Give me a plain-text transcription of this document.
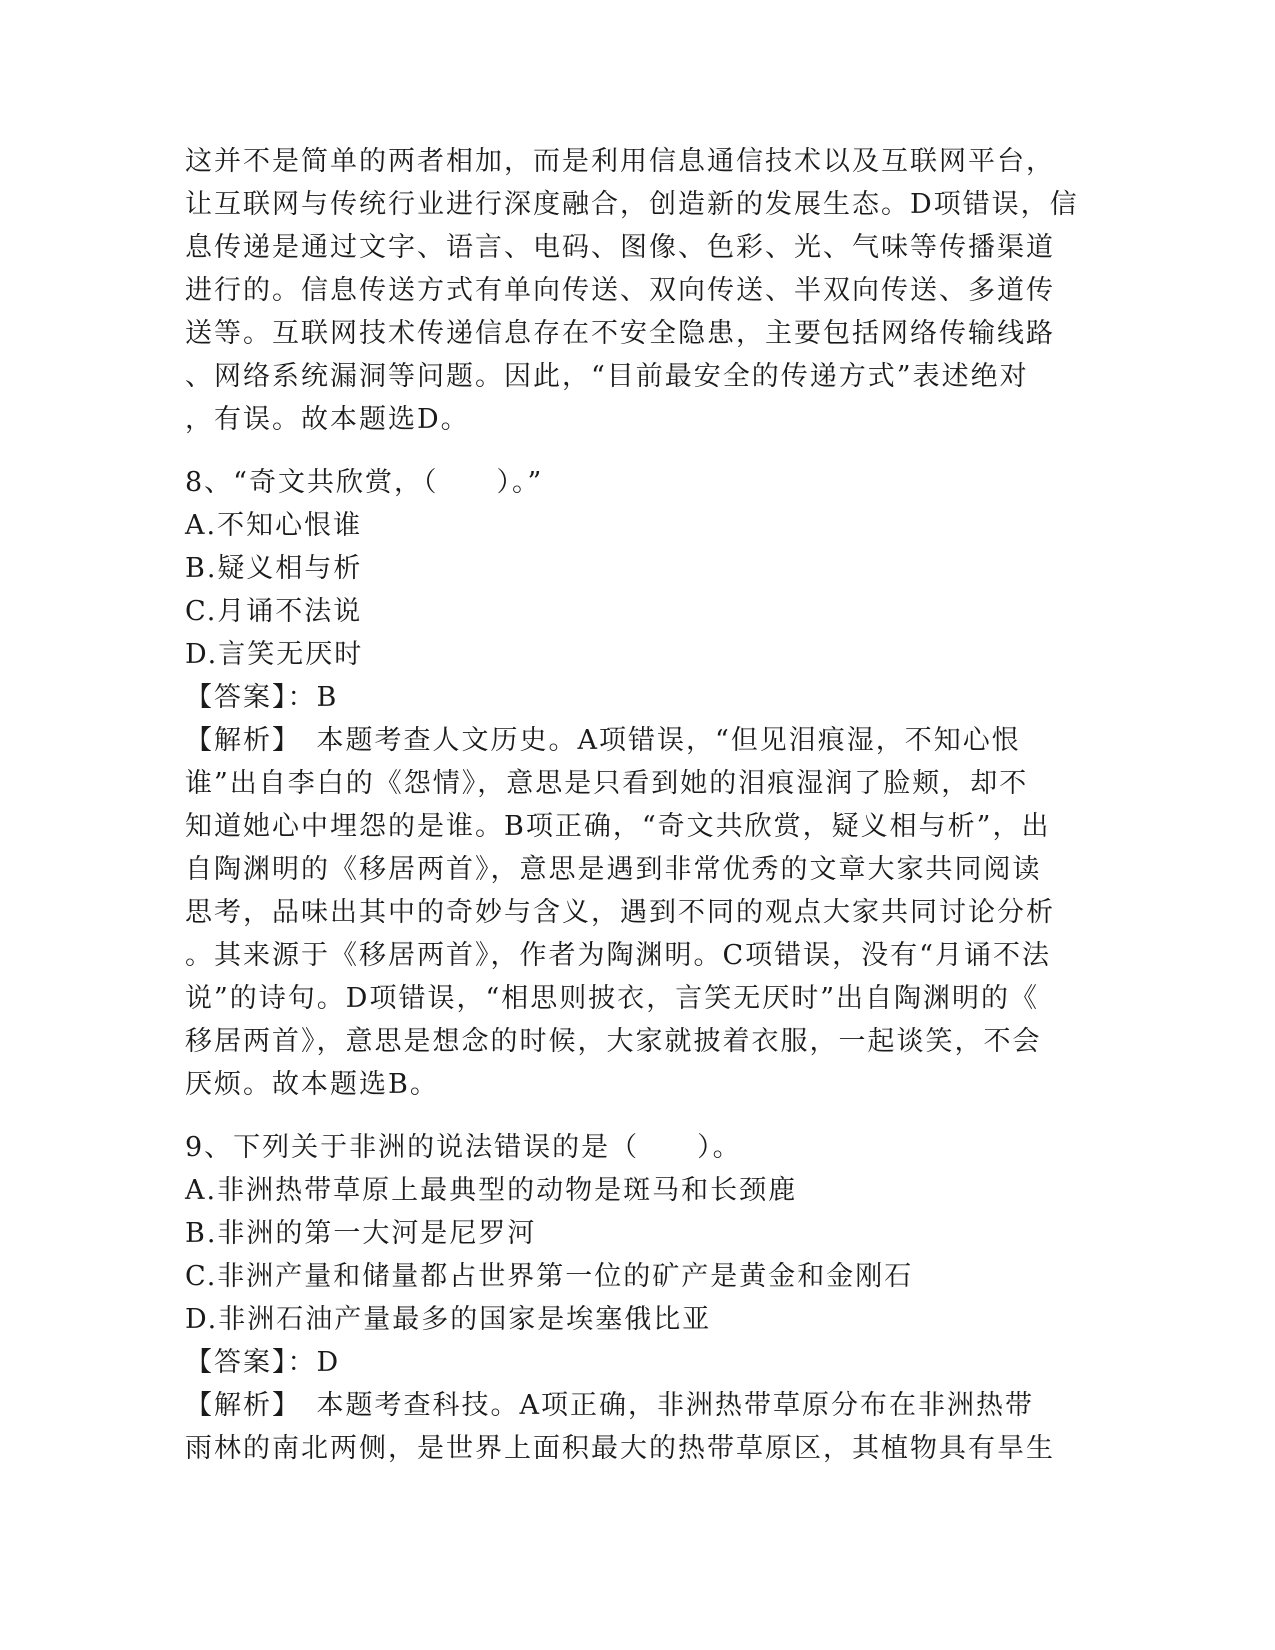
这并不是简单的两者相加，而是利用信息通信技术以及互联网平台，
让互联网与传统行业进行深度融合，创造新的发展生态。D项错误，信
息传递是通过文字、语言、电码、图像、色彩、光、气味等传播渠道
进行的。信息传送方式有单向传送、双向传送、半双向传送、多道传
送等。互联网技术传递信息存在不安全隐患，主要包括网络传输线路
、网络系统漏洞等问题。因此，“目前最安全的传递方式”表述绝对
，有误。故本题选D。
8、“奇文共欣赏，（　　）。”
A.不知心恨谁
B.疑义相与析
C.月诵不法说
D.言笑无厌时
【答案】：B
【解析】　本题考查人文历史。A项错误，“但见泪痕湿，不知心恨
谁”出自李白的《怨情》，意思是只看到她的泪痕湿润了脸颊，却不
知道她心中埋怨的是谁。B项正确，“奇文共欣赏，疑义相与析”，出
自陶渊明的《移居两首》，意思是遇到非常优秀的文章大家共同阅读
思考，品味出其中的奇妙与含义，遇到不同的观点大家共同讨论分析
。其来源于《移居两首》，作者为陶渊明。C项错误，没有“月诵不法
说”的诗句。D项错误，“相思则披衣，言笑无厌时”出自陶渊明的《
移居两首》，意思是想念的时候，大家就披着衣服，一起谈笑，不会
厌烦。故本题选B。
9、下列关于非洲的说法错误的是（　　）。
A.非洲热带草原上最典型的动物是斑马和长颈鹿
B.非洲的第一大河是尼罗河
C.非洲产量和储量都占世界第一位的矿产是黄金和金刚石
D.非洲石油产量最多的国家是埃塞俄比亚
【答案】：D
【解析】　本题考查科技。A项正确，非洲热带草原分布在非洲热带
雨林的南北两侧，是世界上面积最大的热带草原区，其植物具有旱生
